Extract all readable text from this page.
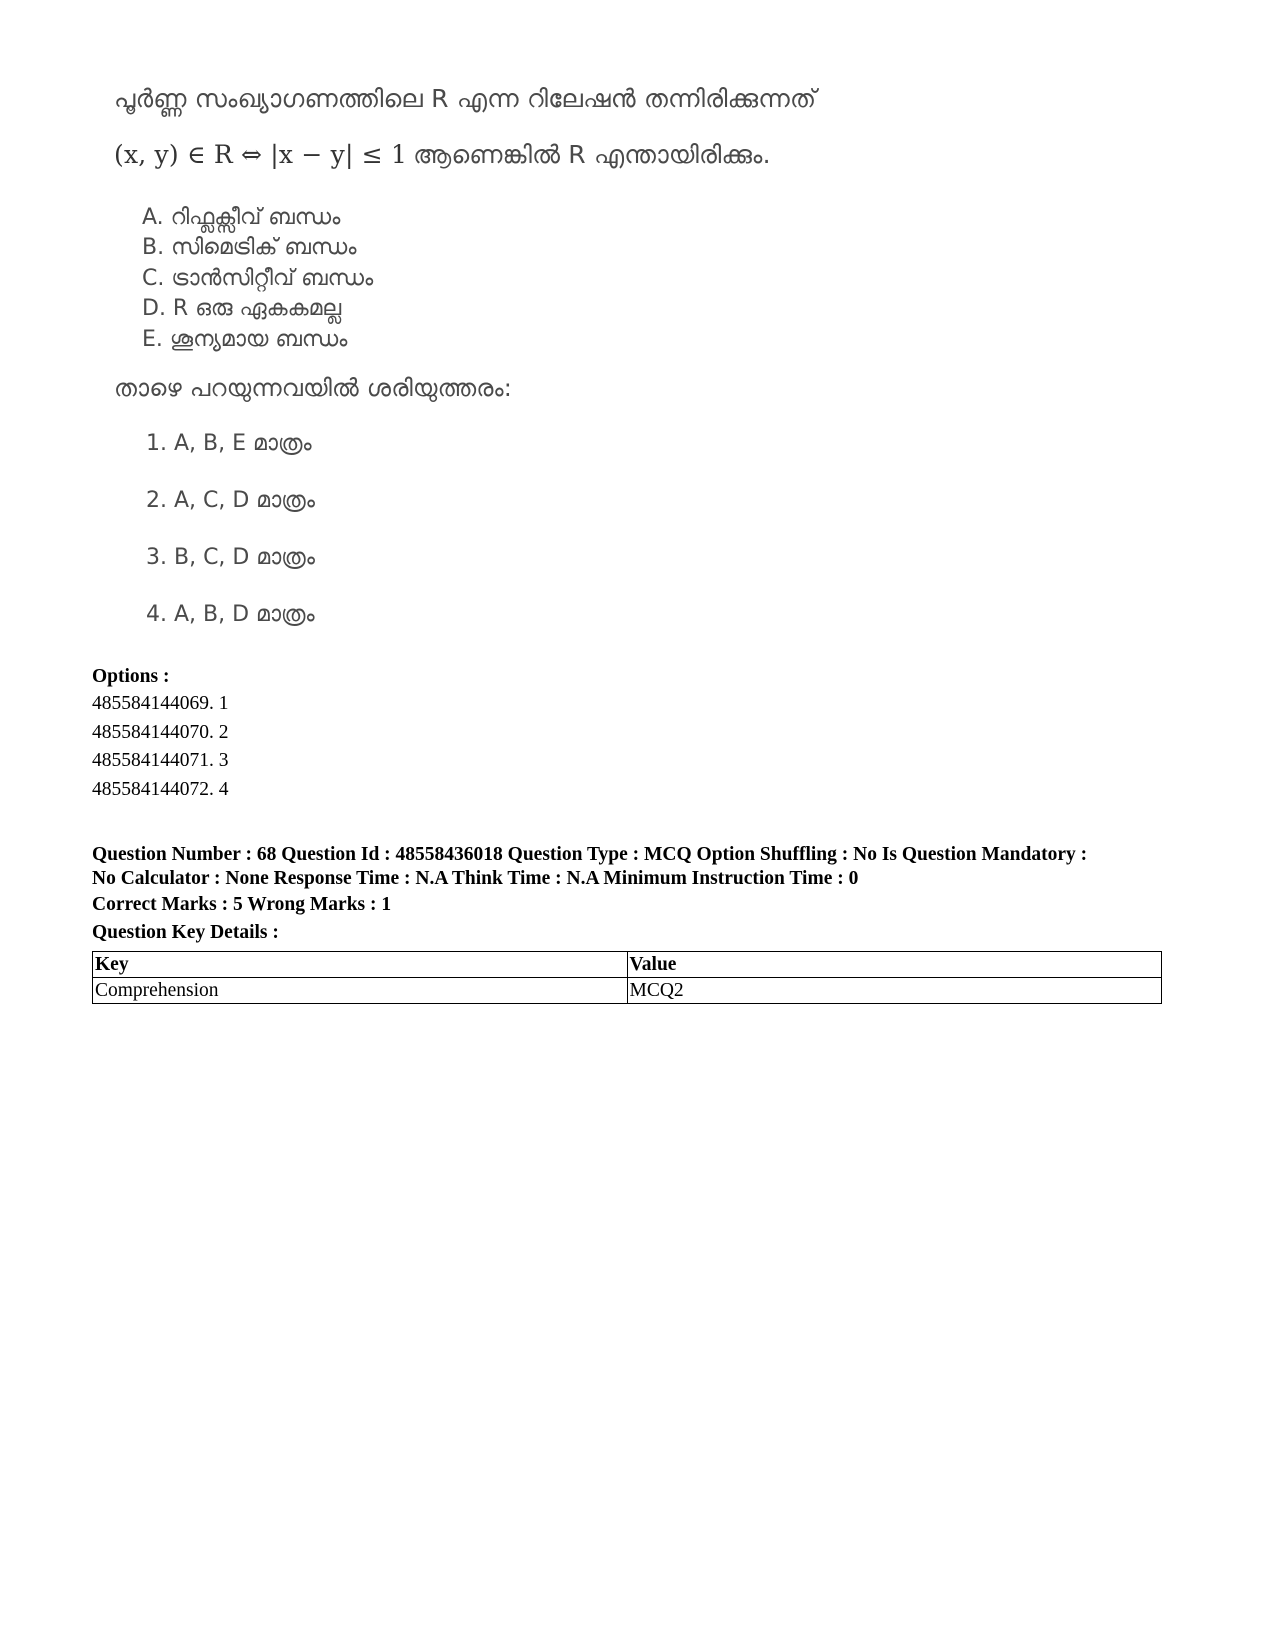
പൂർണ്ണ സംഖ്യാഗണത്തിലെ R എന്ന റിലേഷൻ തന്നിരിക്കുന്നത്
(x, y) ∈ R ⇔ |x − y| ≤ 1 ആണെങ്കിൽ R എന്തായിരിക്കും.
A. റിഫ്ലക്സീവ് ബന്ധം
B. സിമെട്രിക് ബന്ധം
C. ട്രാൻസിറ്റീവ് ബന്ധം
D. R ഒരു ഏകകമല്ല
E. ശൂന്യമായ ബന്ധം
താഴെ പറയുന്നവയിൽ ശരിയുത്തരം:
1. A, B, E മാത്രം
2. A, C, D മാത്രം
3. B, C, D മാത്രം
4. A, B, D മാത്രം
Options :
485584144069. 1
485584144070. 2
485584144071. 3
485584144072. 4
Question Number : 68 Question Id : 48558436018 Question Type : MCQ Option Shuffling : No Is Question Mandatory :
No Calculator : None Response Time : N.A Think Time : N.A Minimum Instruction Time : 0
Correct Marks : 5 Wrong Marks : 1
Question Key Details :
Key	Value
Comprehension	MCQ2
